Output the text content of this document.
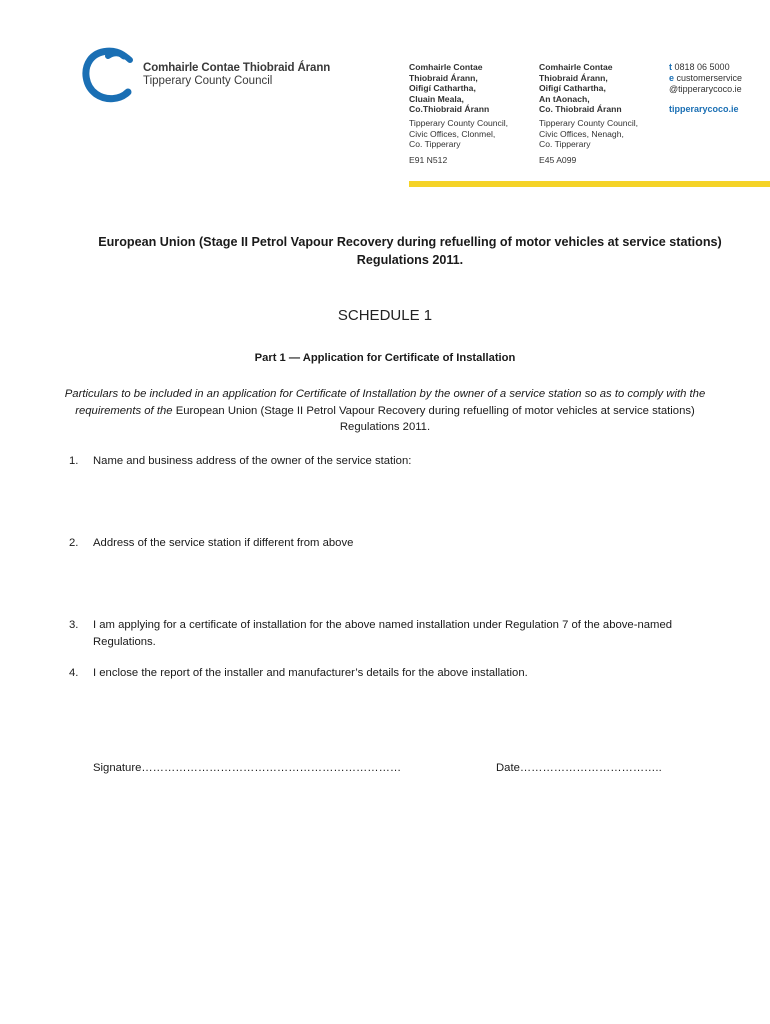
Comhairle Contae Thiobraid Árann
Tipperary County Council
Comhairle Contae
Thiobraid Árann,
Oifigí Cathartha,
Cluain Meala,
Co.Thiobraid Árann
Tipperary County Council,
Civic Offices, Clonmel,
Co. Tipperary
E91 N512
Comhairle Contae
Thiobraid Árann,
Oifigí Cathartha,
An tAonach,
Co. Thiobraid Árann
Tipperary County Council,
Civic Offices, Nenagh,
Co. Tipperary
E45 A099
t 0818 06 5000
e customerservice
@tipperarycoco.ie
tipperarycoco.ie
European Union (Stage II Petrol Vapour Recovery during refuelling of motor vehicles at service stations) Regulations 2011.
SCHEDULE 1
Part 1 — Application for Certificate of Installation
Particulars to be included in an application for Certificate of Installation by the owner of a service station so as to comply with the requirements of the European Union (Stage II Petrol Vapour Recovery during refuelling of motor vehicles at service stations) Regulations 2011.
1.	Name and business address of the owner of the service station:
2.	Address of the service station if different from above
3.	I am applying for a certificate of installation for the above named installation under Regulation 7 of the above-named Regulations.
4.	I enclose the report of the installer and manufacturer’s details for the above installation.
Signature……………………………………………………………	Date………………………………..
